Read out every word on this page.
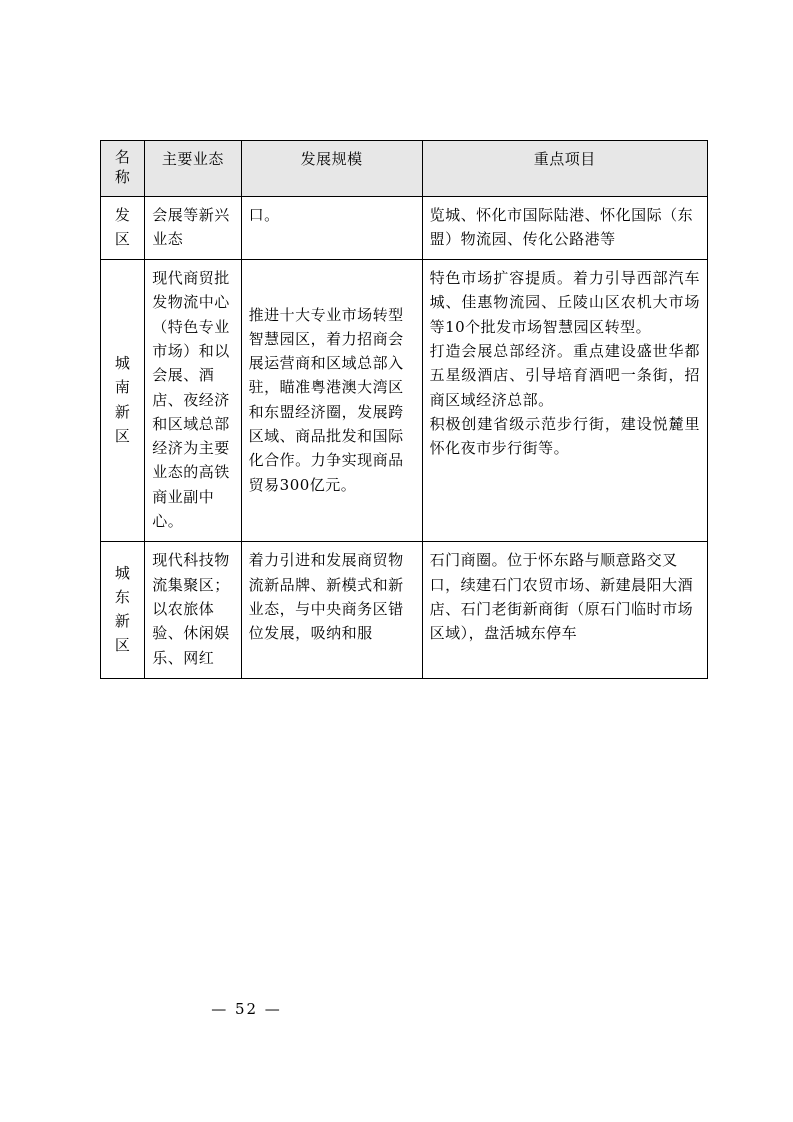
名 称	主要业态	发展规模	重点项目
发区	会展等新兴业态	口。	览城、怀化市国际陆港、怀化国际（东盟）物流园、传化公路港等
城南新区	现代商贸批发物流中心（特色专业市场）和以会展、酒店、夜经济和区域总部经济为主要业态的高铁商业副中心。	推进十大专业市场转型智慧园区，着力招商会展运营商和区域总部入驻，瞄准粤港澳大湾区和东盟经济圈，发展跨区域、商品批发和国际化合作。力争实现商品贸易300亿元。	特色市场扩容提质。着力引导西部汽车城、佳惠物流园、丘陵山区农机大市场等10个批发市场智慧园区转型。

打造会展总部经济。重点建设盛世华都五星级酒店、引导培育酒吧一条街，招商区域经济总部。

积极创建省级示范步行街，建设悦麓里怀化夜市步行街等。

城东新区	现代科技物流集聚区；以农旅体验、休闲娱乐、网红	着力引进和发展商贸物流新品牌、新模式和新业态，与中央商务区错位发展，吸纳和服	石门商圈。位于怀东路与顺意路交叉口，续建石门农贸市场、新建晨阳大酒店、石门老街新商街（原石门临时市场区域），盘活城东停车
— 52 —
